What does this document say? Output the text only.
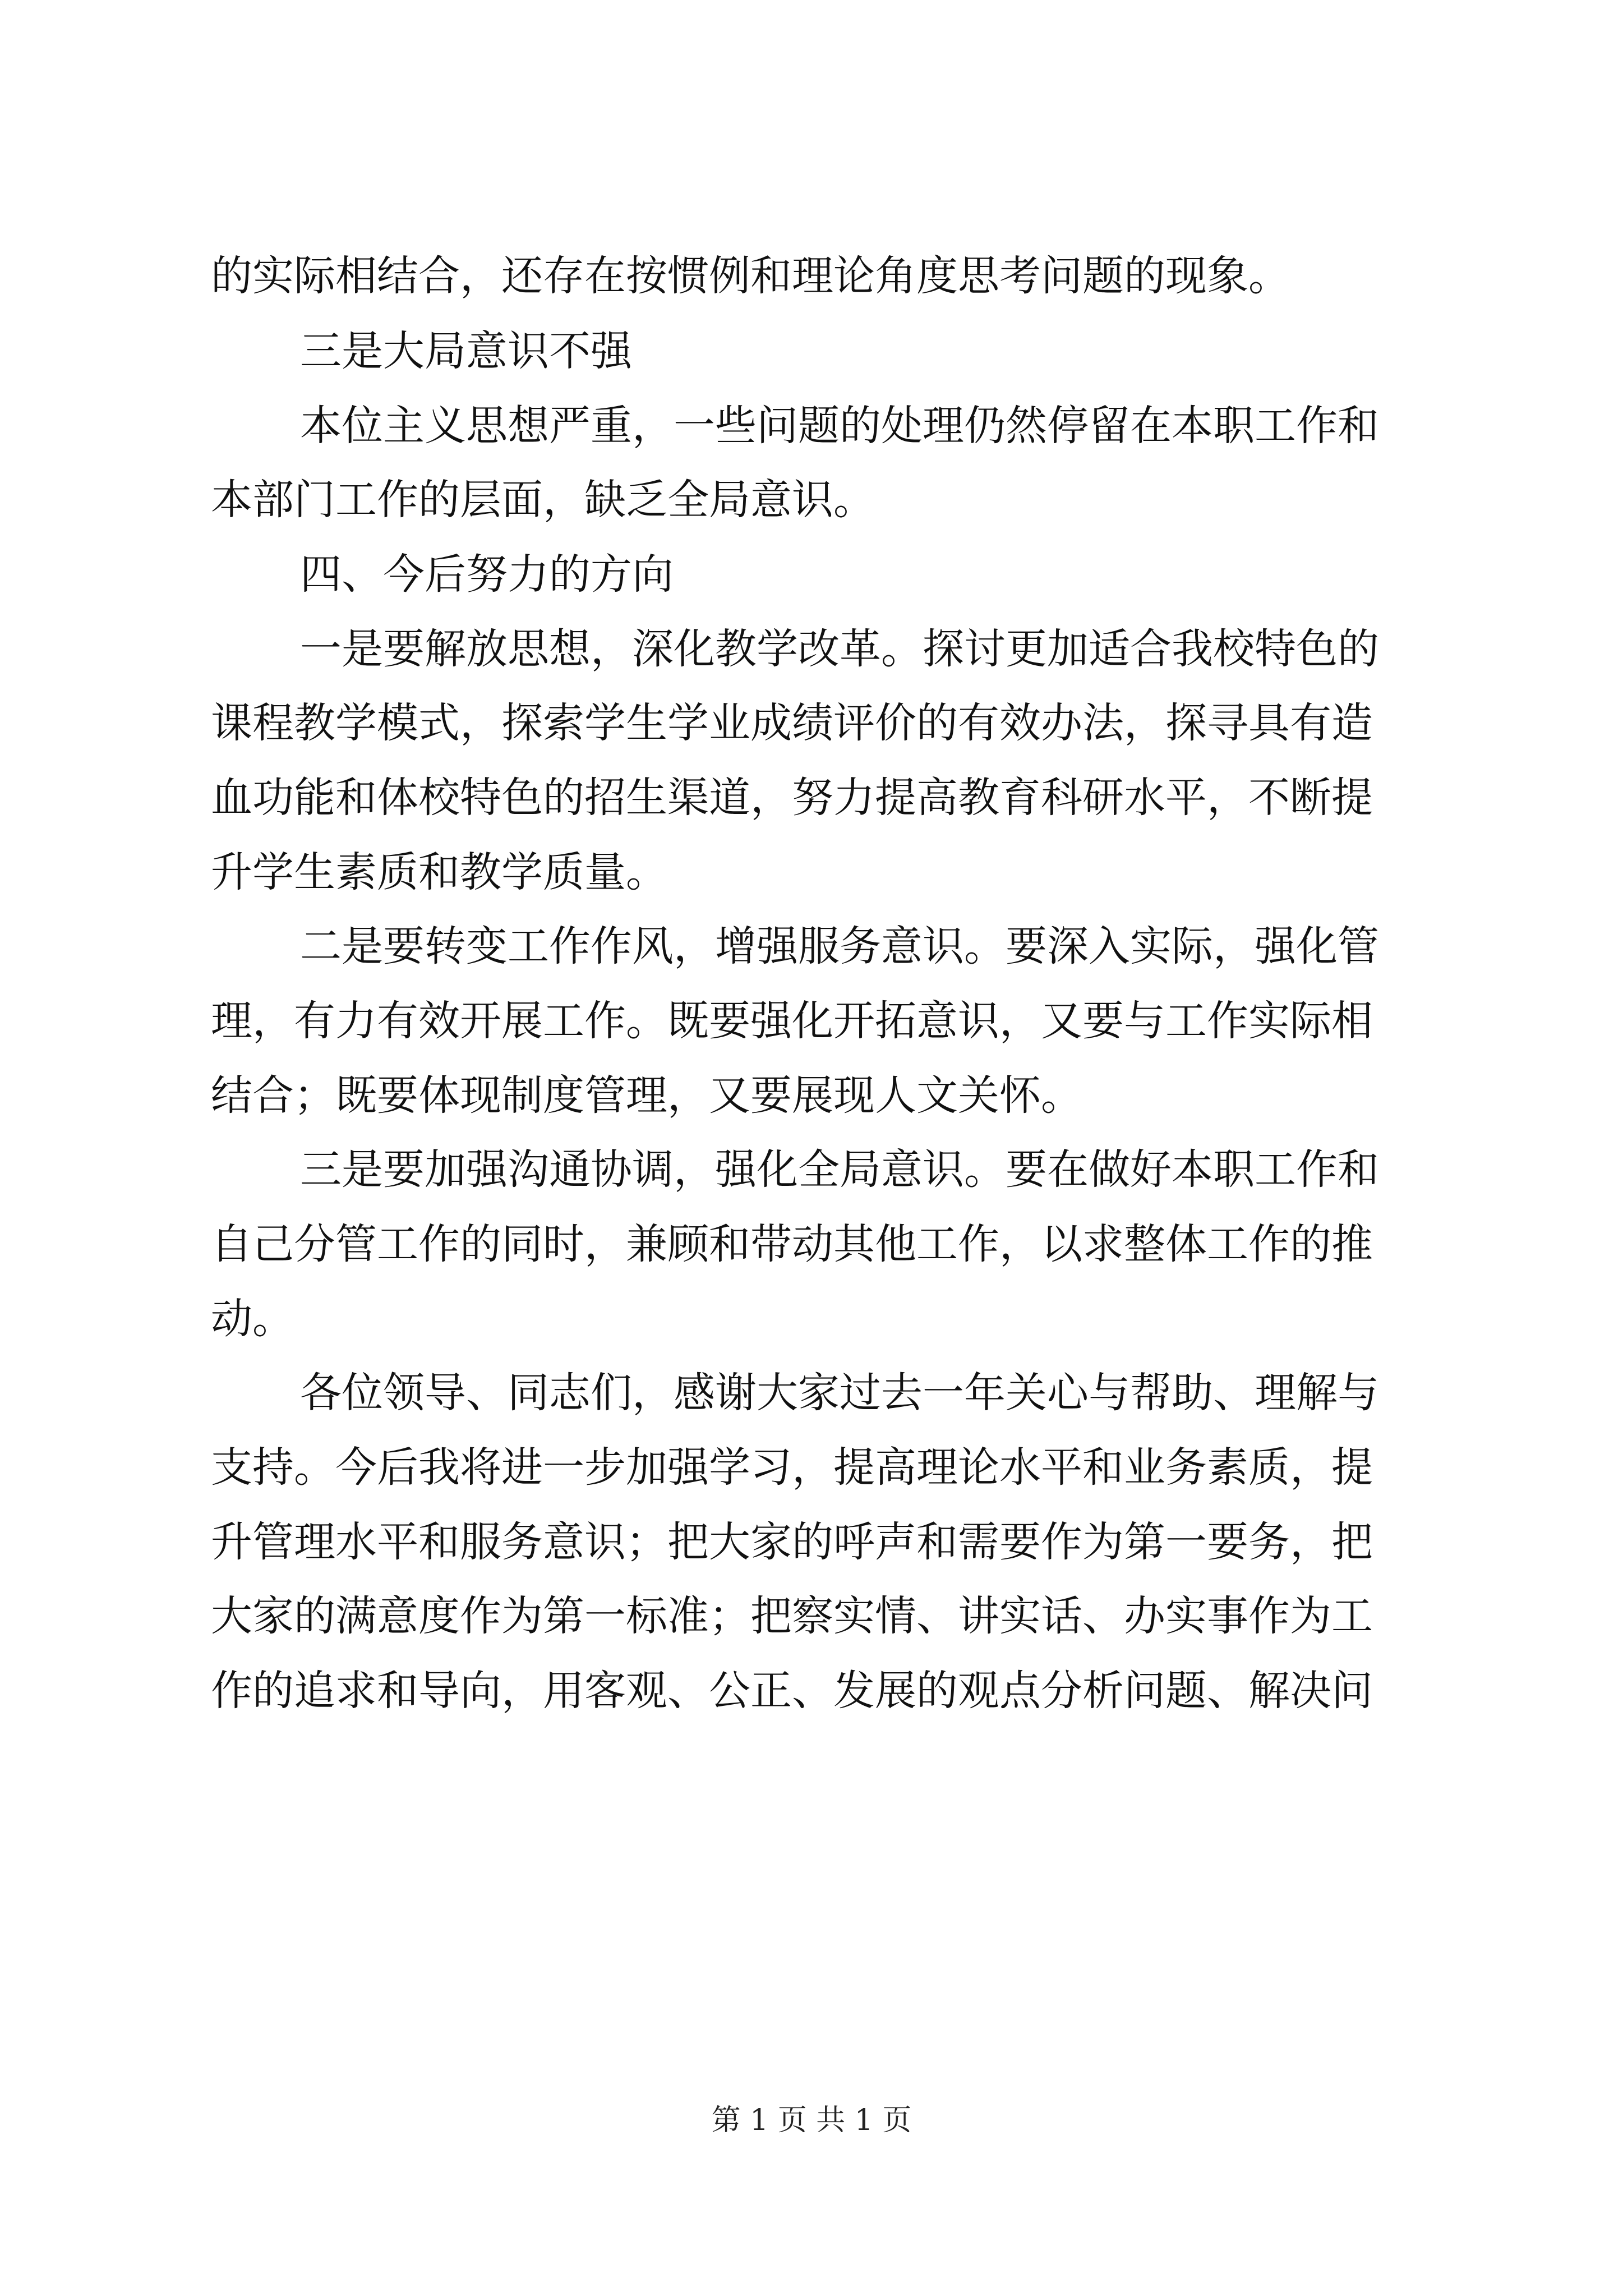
的实际相结合，还存在按惯例和理论角度思考问题的现象。
三是大局意识不强
本位主义思想严重，一些问题的处理仍然停留在本职工作和
本部门工作的层面，缺乏全局意识。
四、今后努力的方向
一是要解放思想，深化教学改革。探讨更加适合我校特色的
课程教学模式，探索学生学业成绩评价的有效办法，探寻具有造
血功能和体校特色的招生渠道，努力提高教育科研水平，不断提
升学生素质和教学质量。
二是要转变工作作风，增强服务意识。要深入实际，强化管
理，有力有效开展工作。既要强化开拓意识，又要与工作实际相
结合；既要体现制度管理，又要展现人文关怀。
三是要加强沟通协调，强化全局意识。要在做好本职工作和
自己分管工作的同时，兼顾和带动其他工作，以求整体工作的推
动。
各位领导、同志们，感谢大家过去一年关心与帮助、理解与
支持。今后我将进一步加强学习，提高理论水平和业务素质，提
升管理水平和服务意识；把大家的呼声和需要作为第一要务，把
大家的满意度作为第一标准；把察实情、讲实话、办实事作为工
作的追求和导向，用客观、公正、发展的观点分析问题、解决问
第 1 页 共 1 页
